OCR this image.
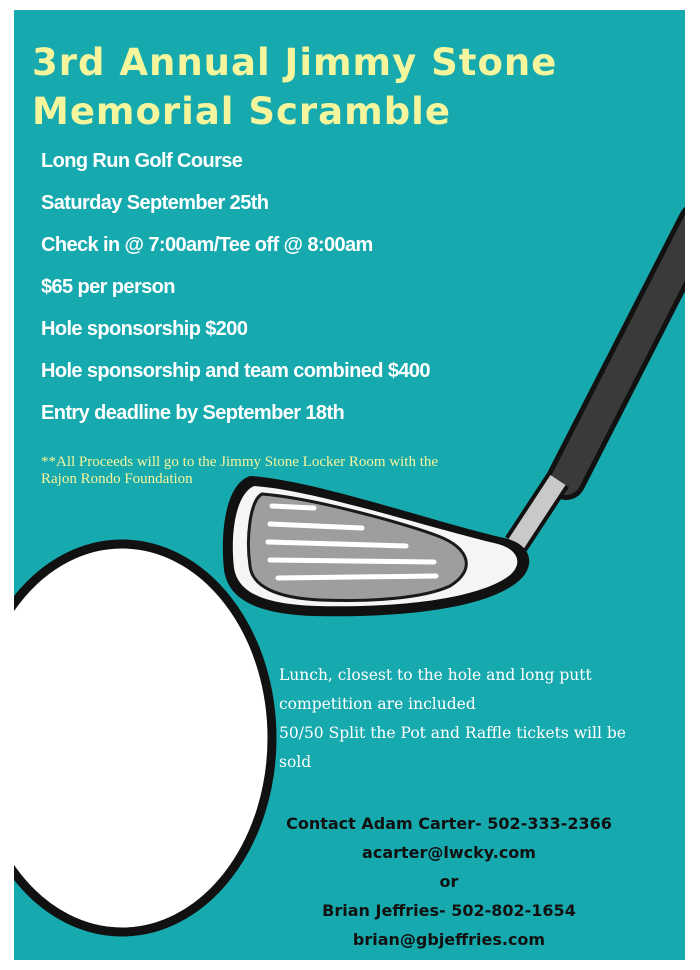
3rd Annual Jimmy Stone
Memorial Scramble
Long Run Golf Course
Saturday September 25th
Check in @ 7:00am/Tee off @ 8:00am
$65 per person
Hole sponsorship $200
Hole sponsorship and team combined $400
Entry deadline by September 18th
**All Proceeds will go to the Jimmy Stone Locker Room with the
Rajon Rondo Foundation
Lunch, closest to the hole and long putt
competition are included
50/50 Split the Pot and Raffle tickets will be
sold
Contact Adam Carter- 502-333-2366
acarter@lwcky.com
or
Brian Jeffries- 502-802-1654
brian@gbjeffries.com
